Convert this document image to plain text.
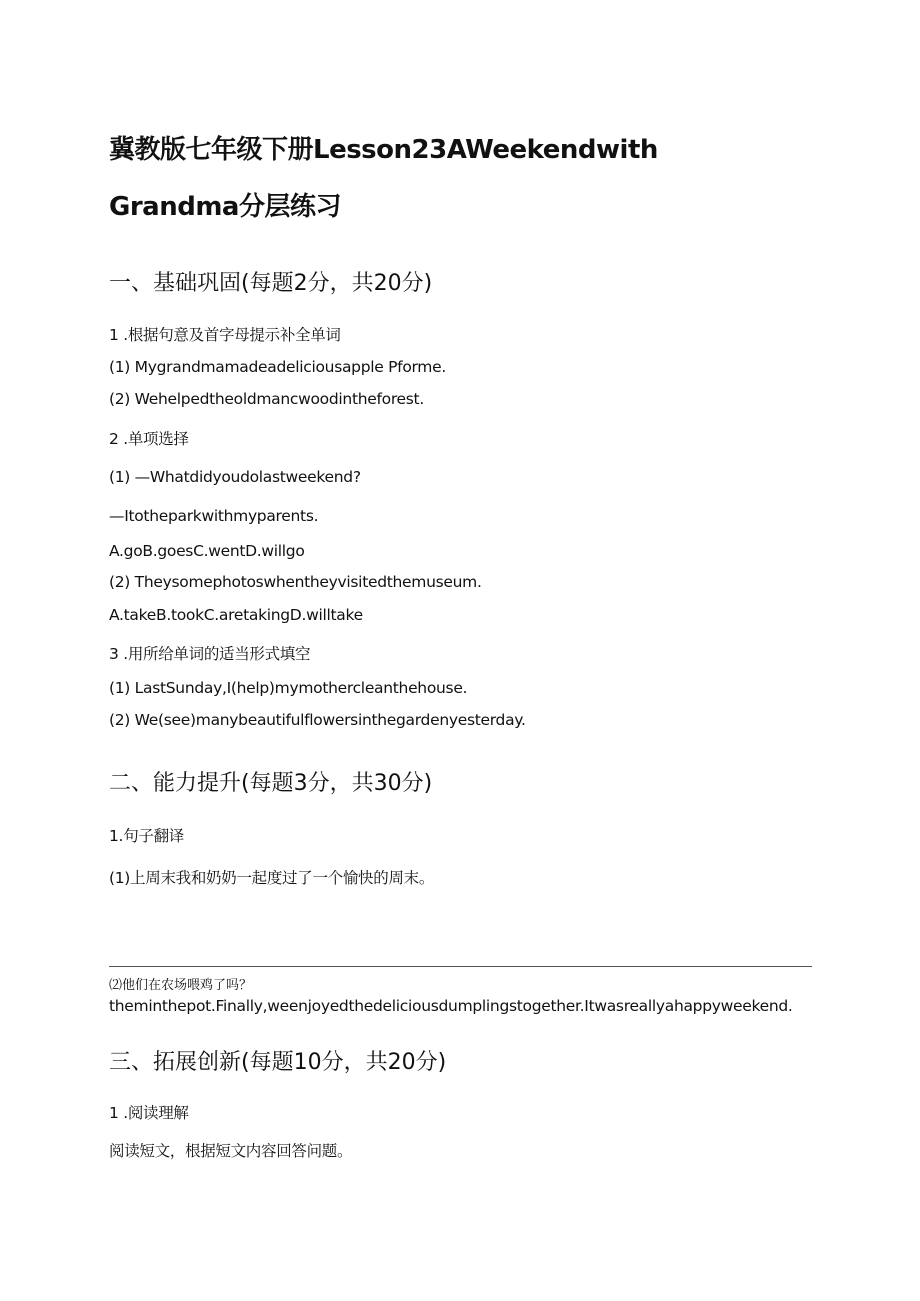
冀教版七年级下册Lesson23AWeekendwith
Grandma分层练习
一、基础巩固(每题2分，共20分)
1 .根据句意及首字母提示补全单词
(1) Mygrandmamadeadeliciousapple Pforme.
(2) Wehelpedtheoldmancwoodintheforest.
2 .单项选择
(1) —Whatdidyoudolastweekend?
—Itotheparkwithmyparents.
A.goB.goesC.wentD.willgo
(2) Theysomephotoswhentheyvisitedthemuseum.
A.takeB.tookC.aretakingD.willtake
3 .用所给单词的适当形式填空
(1) LastSunday,I(help)mymothercleanthehouse.
(2) We(see)manybeautifulflowersinthegardenyesterday.
二、能力提升(每题3分，共30分)
1.句子翻译
(1)上周末我和奶奶一起度过了一个愉快的周末。
⑵他们在农场喂鸡了吗？
theminthepot.Finally,weenjoyedthedeliciousdumplingstogether.Itwasreallyahappyweekend.
三、拓展创新(每题10分，共20分)
1 .阅读理解
阅读短文，根据短文内容回答问题。
